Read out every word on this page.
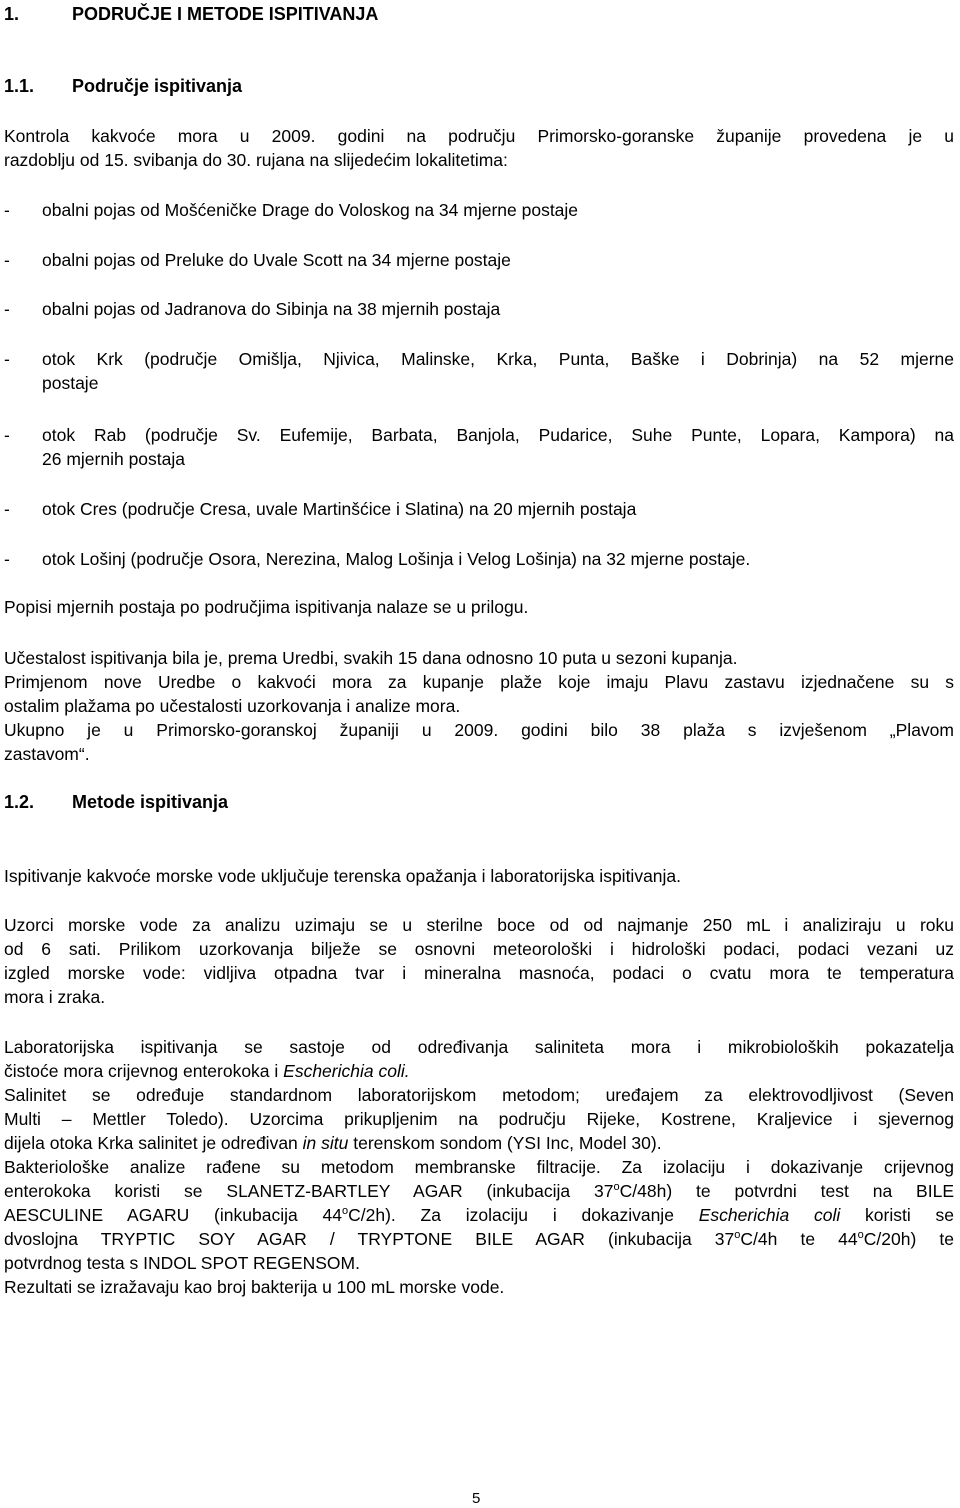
1.	PODRUČJE I METODE ISPITIVANJA
1.1.	Područje ispitivanja
Kontrola kakvoće mora u 2009. godini na području Primorsko-goranske županije provedena je u
razdoblju od 15. svibanja do 30. rujana na slijedećim lokalitetima:
-	obalni pojas od Mošćeničke Drage do Voloskog na 34 mjerne postaje
-	obalni pojas od Preluke do Uvale Scott na 34 mjerne postaje
-	obalni pojas od Jadranova do Sibinja na 38 mjernih postaja
-	otok Krk (područje Omišlja, Njivica, Malinske, Krka, Punta, Baške i Dobrinja) na 52 mjerne
postaje
-	otok Rab (područje Sv. Eufemije, Barbata, Banjola, Pudarice, Suhe Punte, Lopara, Kampora) na
26 mjernih postaja
-	otok Cres (područje Cresa, uvale Martinšćice i Slatina) na 20 mjernih postaja
-	otok Lošinj (područje Osora, Nerezina, Malog Lošinja i Velog Lošinja) na 32 mjerne postaje.
Popisi mjernih postaja po područjima ispitivanja nalaze se u prilogu.
Učestalost ispitivanja bila je, prema Uredbi, svakih 15 dana odnosno 10 puta u sezoni kupanja.
Primjenom nove Uredbe o kakvoći mora za kupanje plaže koje imaju Plavu zastavu izjednačene su s
ostalim plažama po učestalosti uzorkovanja i analize mora.
Ukupno je u Primorsko-goranskoj županiji u 2009. godini bilo 38 plaža s izvješenom „Plavom
zastavom“.
1.2.	Metode ispitivanja
Ispitivanje kakvoće morske vode uključuje terenska opažanja i laboratorijska ispitivanja.
Uzorci morske vode za analizu uzimaju se u sterilne boce od od najmanje 250 mL i analiziraju u roku
od 6 sati. Prilikom uzorkovanja bilježe se osnovni meteorološki i hidrološki podaci, podaci vezani uz
izgled morske vode: vidljiva otpadna tvar i mineralna masnoća, podaci o cvatu mora te temperatura
mora i zraka.
Laboratorijska ispitivanja se sastoje od određivanja saliniteta mora i mikrobioloških pokazatelja
čistoće mora crijevnog enterokoka i Escherichia coli.
Salinitet se određuje standardnom laboratorijskom metodom; uređajem za elektrovodljivost (Seven
Multi – Mettler Toledo). Uzorcima prikupljenim na području Rijeke, Kostrene, Kraljevice i sjevernog
dijela otoka Krka salinitet je određivan in situ terenskom sondom (YSI Inc, Model 30).
Bakteriološke analize rađene su metodom membranske filtracije. Za izolaciju i dokazivanje crijevnog
enterokoka koristi se SLANETZ-BARTLEY AGAR (inkubacija 37$^o$C/48h) te potvrdni test na BILE
AESCULINE AGARU (inkubacija 44$^o$C/2h). Za izolaciju i dokazivanje Escherichia coli koristi se
dvoslojna TRYPTIC SOY AGAR / TRYPTONE BILE AGAR (inkubacija 37$^o$C/4h te 44$^o$C/20h) te
potvrdnog testa s INDOL SPOT REGENSOM.
Rezultati se izražavaju kao broj bakterija u 100 mL morske vode.
5
